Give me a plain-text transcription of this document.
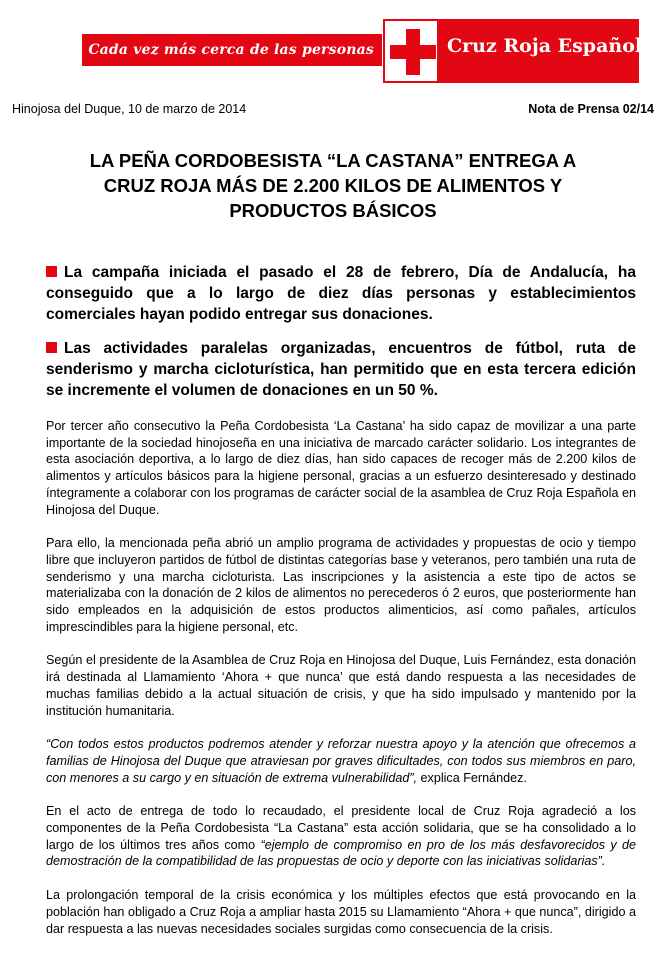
Cada vez más cerca de las personas	Cruz Roja Española
Hinojosa del Duque, 10 de marzo de 2014	Nota de Prensa 02/14
LA PEÑA CORDOBESISTA “LA CASTANA” ENTREGA A
CRUZ ROJA MÁS DE 2.200 KILOS DE ALIMENTOS Y
PRODUCTOS BÁSICOS
La campaña iniciada el pasado el 28 de febrero, Día de Andalucía, ha conseguido que a lo largo de diez días personas y establecimientos comerciales hayan podido entregar sus donaciones.
Las actividades paralelas organizadas, encuentros de fútbol, ruta de senderismo y marcha cicloturística, han permitido que en esta tercera edición se incremente el volumen de donaciones en un 50 %.

Por tercer año consecutivo la Peña Cordobesista ‘La Castana’ ha sido capaz de movilizar a una parte importante de la sociedad hinojoseña en una iniciativa de marcado carácter solidario. Los integrantes de esta asociación deportiva, a lo largo de diez días, han sido capaces de recoger más de 2.200 kilos de alimentos y artículos básicos para la higiene personal, gracias a un esfuerzo desinteresado y destinado íntegramente a colaborar con los programas de carácter social de la asamblea de Cruz Roja Española en Hinojosa del Duque.

Para ello, la mencionada peña abrió un amplio programa de actividades y propuestas de ocio y tiempo libre que incluyeron partidos de fútbol de distintas categorías base y veteranos, pero también una ruta de senderismo y una marcha cicloturista. Las inscripciones y la asistencia a este tipo de actos se materializaba con la donación de 2 kilos de alimentos no perecederos ó 2 euros, que posteriormente han sido empleados en la adquisición de estos productos alimenticios, así como pañales, artículos imprescindibles para la higiene personal, etc.

Según el presidente de la Asamblea de Cruz Roja en Hinojosa del Duque, Luis Fernández, esta donación irá destinada al Llamamiento ‘Ahora + que nunca’ que está dando respuesta a las necesidades de muchas familias debido a la actual situación de crisis, y que ha sido impulsado y mantenido por la institución humanitaria.

“Con todos estos productos podremos atender y reforzar nuestra apoyo y la atención que ofrecemos a familias de Hinojosa del Duque que atraviesan por graves dificultades, con todos sus miembros en paro, con menores a su cargo y en situación de extrema vulnerabilidad”, explica Fernández.

En el acto de entrega de todo lo recaudado, el presidente local de Cruz Roja agradeció a los componentes de la Peña Cordobesista “La Castana” esta acción solidaria, que se ha consolidado a lo largo de los últimos tres años como “ejemplo de compromiso en pro de los más desfavorecidos y de demostración de la compatibilidad de las propuestas de ocio y deporte con las iniciativas solidarias”.

La prolongación temporal de la crisis económica y los múltiples efectos que está provocando en la población han obligado a Cruz Roja a ampliar hasta 2015 su Llamamiento “Ahora + que nunca”, dirigido a dar respuesta a las nuevas necesidades sociales surgidas como consecuencia de la crisis.
